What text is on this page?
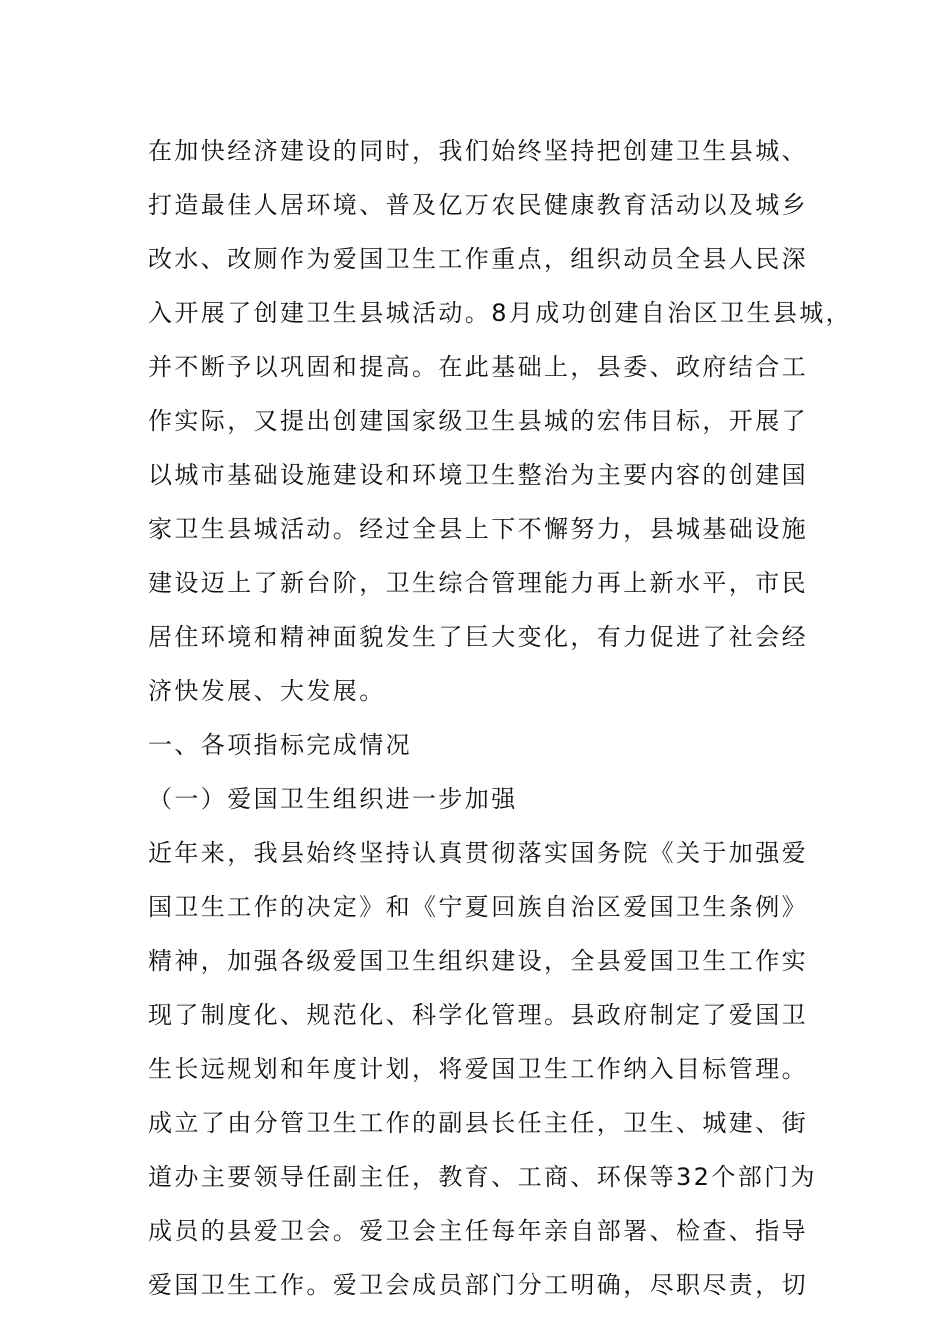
在加快经济建设的同时，我们始终坚持把创建卫生县城、
打造最佳人居环境、普及亿万农民健康教育活动以及城乡
改水、改厕作为爱国卫生工作重点，组织动员全县人民深
入开展了创建卫生县城活动。8月成功创建自治区卫生县城，
并不断予以巩固和提高。在此基础上，县委、政府结合工
作实际，又提出创建国家级卫生县城的宏伟目标，开展了
以城市基础设施建设和环境卫生整治为主要内容的创建国
家卫生县城活动。经过全县上下不懈努力，县城基础设施
建设迈上了新台阶，卫生综合管理能力再上新水平，市民
居住环境和精神面貌发生了巨大变化，有力促进了社会经
济快发展、大发展。
一、各项指标完成情况
（一）爱国卫生组织进一步加强
近年来，我县始终坚持认真贯彻落实国务院《关于加强爱
国卫生工作的决定》和《宁夏回族自治区爱国卫生条例》
精神，加强各级爱国卫生组织建设，全县爱国卫生工作实
现了制度化、规范化、科学化管理。县政府制定了爱国卫
生长远规划和年度计划，将爱国卫生工作纳入目标管理。
成立了由分管卫生工作的副县长任主任，卫生、城建、街
道办主要领导任副主任，教育、工商、环保等32个部门为
成员的县爱卫会。爱卫会主任每年亲自部署、检查、指导
爱国卫生工作。爱卫会成员部门分工明确，尽职尽责，切
